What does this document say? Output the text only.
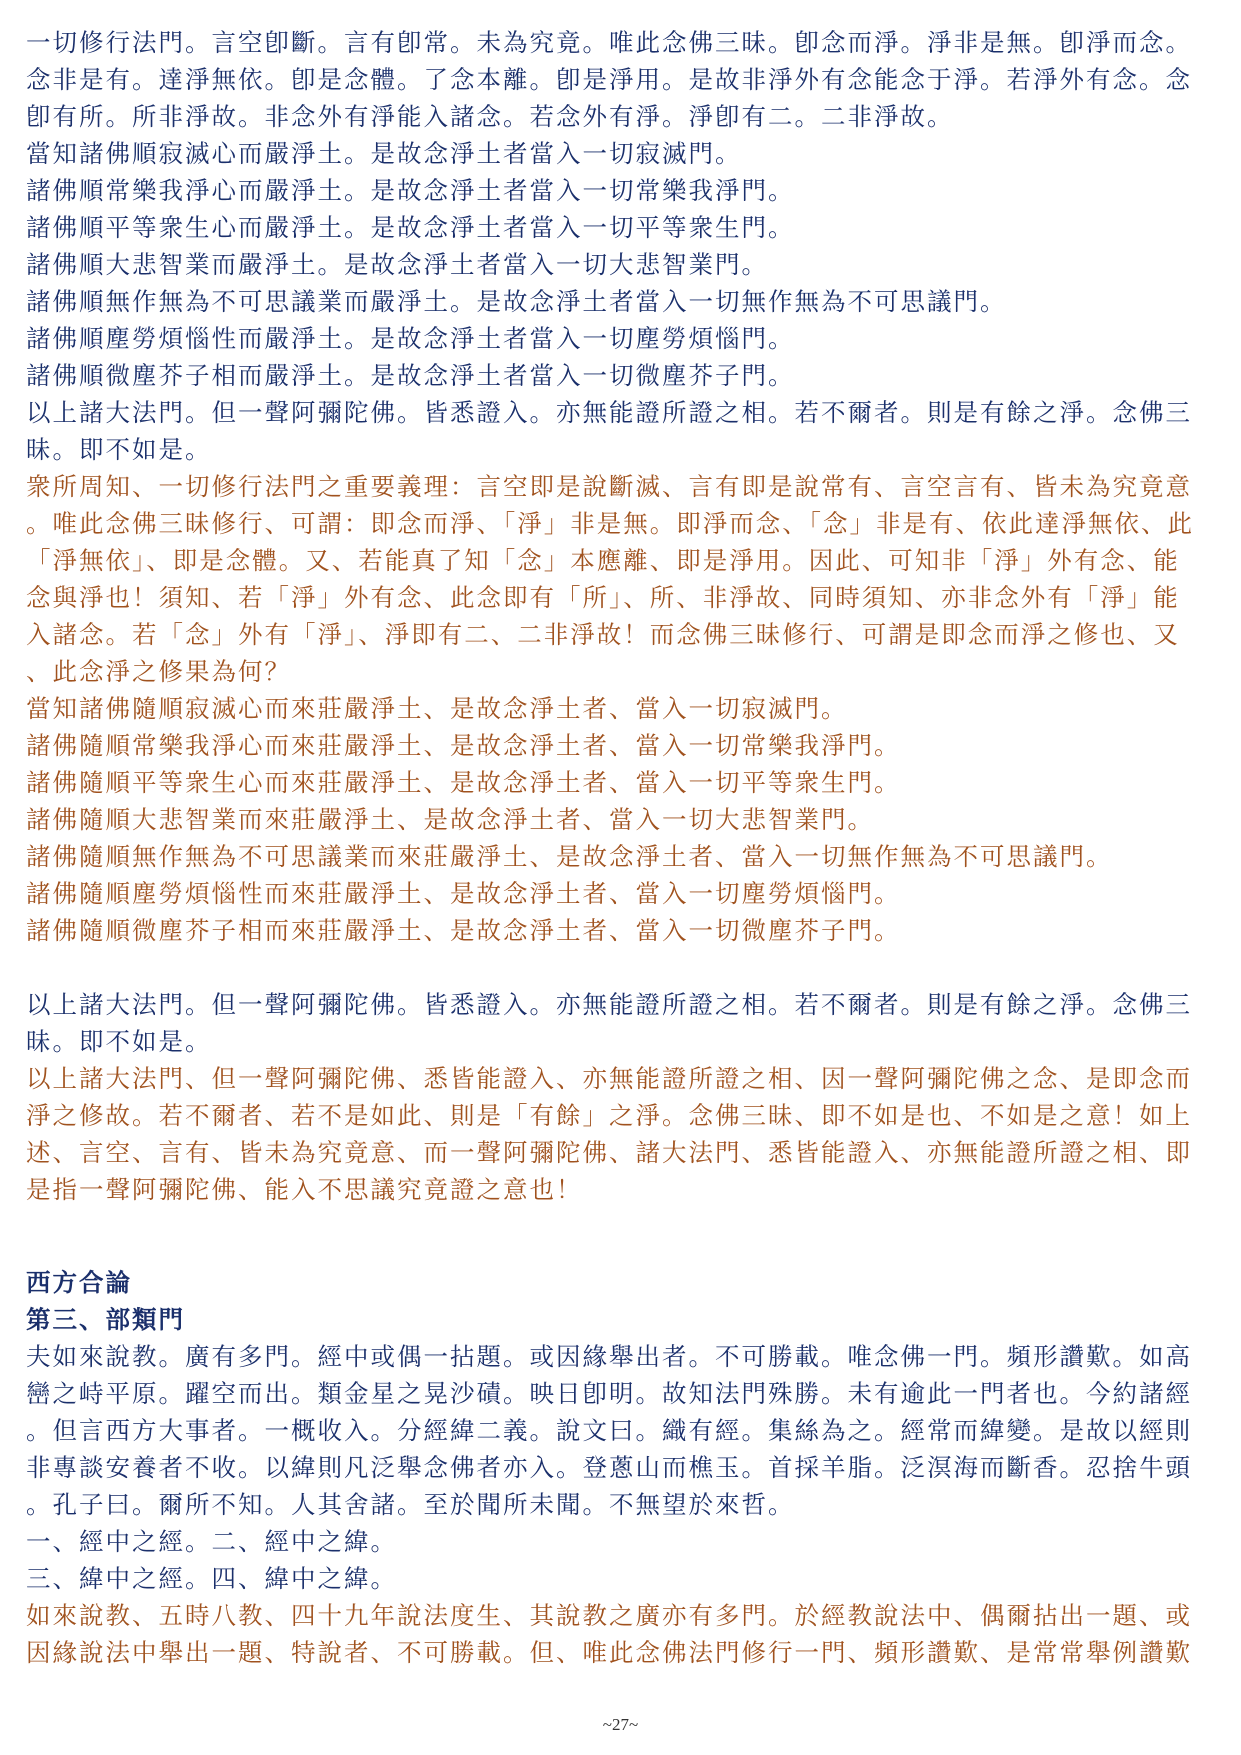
一切修行法門。言空卽斷。言有卽常。未為究竟。唯此念佛三昧。卽念而淨。淨非是無。卽淨而念。
念非是有。達淨無依。卽是念體。了念本離。卽是淨用。是故非淨外有念能念于淨。若淨外有念。念
卽有所。所非淨故。非念外有淨能入諸念。若念外有淨。淨卽有二。二非淨故。
當知諸佛順寂滅心而嚴淨土。是故念淨土者當入一切寂滅門。
諸佛順常樂我淨心而嚴淨土。是故念淨土者當入一切常樂我淨門。
諸佛順平等衆生心而嚴淨土。是故念淨土者當入一切平等衆生門。
諸佛順大悲智業而嚴淨土。是故念淨土者當入一切大悲智業門。
諸佛順無作無為不可思議業而嚴淨土。是故念淨土者當入一切無作無為不可思議門。
諸佛順塵勞煩惱性而嚴淨土。是故念淨土者當入一切塵勞煩惱門。
諸佛順微塵芥子相而嚴淨土。是故念淨土者當入一切微塵芥子門。
以上諸大法門。但一聲阿彌陀佛。皆悉證入。亦無能證所證之相。若不爾者。則是有餘之淨。念佛三
昧。即不如是。
衆所周知、一切修行法門之重要義理：言空即是說斷滅、言有即是說常有、言空言有、皆未為究竟意
。唯此念佛三昧修行、可謂：即念而淨、「淨」非是無。即淨而念、「念」非是有、依此達淨無依、此
「淨無依」、即是念體。又、若能真了知「念」本應離、即是淨用。因此、可知非「淨」外有念、能
念與淨也！須知、若「淨」外有念、此念即有「所」、所、非淨故、同時須知、亦非念外有「淨」能
入諸念。若「念」外有「淨」、淨即有二、二非淨故！而念佛三昧修行、可謂是即念而淨之修也、又
、此念淨之修果為何？
當知諸佛隨順寂滅心而來莊嚴淨土、是故念淨土者、當入一切寂滅門。
諸佛隨順常樂我淨心而來莊嚴淨土、是故念淨土者、當入一切常樂我淨門。
諸佛隨順平等衆生心而來莊嚴淨土、是故念淨土者、當入一切平等衆生門。
諸佛隨順大悲智業而來莊嚴淨土、是故念淨土者、當入一切大悲智業門。
諸佛隨順無作無為不可思議業而來莊嚴淨土、是故念淨土者、當入一切無作無為不可思議門。
諸佛隨順塵勞煩惱性而來莊嚴淨土、是故念淨土者、當入一切塵勞煩惱門。
諸佛隨順微塵芥子相而來莊嚴淨土、是故念淨土者、當入一切微塵芥子門。
以上諸大法門。但一聲阿彌陀佛。皆悉證入。亦無能證所證之相。若不爾者。則是有餘之淨。念佛三
昧。即不如是。
以上諸大法門、但一聲阿彌陀佛、悉皆能證入、亦無能證所證之相、因一聲阿彌陀佛之念、是即念而
淨之修故。若不爾者、若不是如此、則是「有餘」之淨。念佛三昧、即不如是也、不如是之意！如上
述、言空、言有、皆未為究竟意、而一聲阿彌陀佛、諸大法門、悉皆能證入、亦無能證所證之相、即
是指一聲阿彌陀佛、能入不思議究竟證之意也！
西方合論
第三、部類門
夫如來說教。廣有多門。經中或偶一拈題。或因緣舉出者。不可勝載。唯念佛一門。頻形讚歎。如高
巒之峙平原。躍空而出。類金星之晃沙磧。映日卽明。故知法門殊勝。未有逾此一門者也。今約諸經
。但言西方大事者。一概收入。分經緯二義。說文曰。織有經。集絲為之。經常而緯變。是故以經則
非專談安養者不收。以緯則凡泛舉念佛者亦入。登蔥山而樵玉。首採羊脂。泛溟海而斷香。忍捨牛頭
。孔子曰。爾所不知。人其舍諸。至於聞所未聞。不無望於來哲。
一、經中之經。二、經中之緯。
三、緯中之經。四、緯中之緯。
如來說教、五時八教、四十九年說法度生、其說教之廣亦有多門。於經教說法中、偶爾拈出一題、或
因緣說法中舉出一題、特說者、不可勝載。但、唯此念佛法門修行一門、頻形讚歎、是常常舉例讚歎
~27~
